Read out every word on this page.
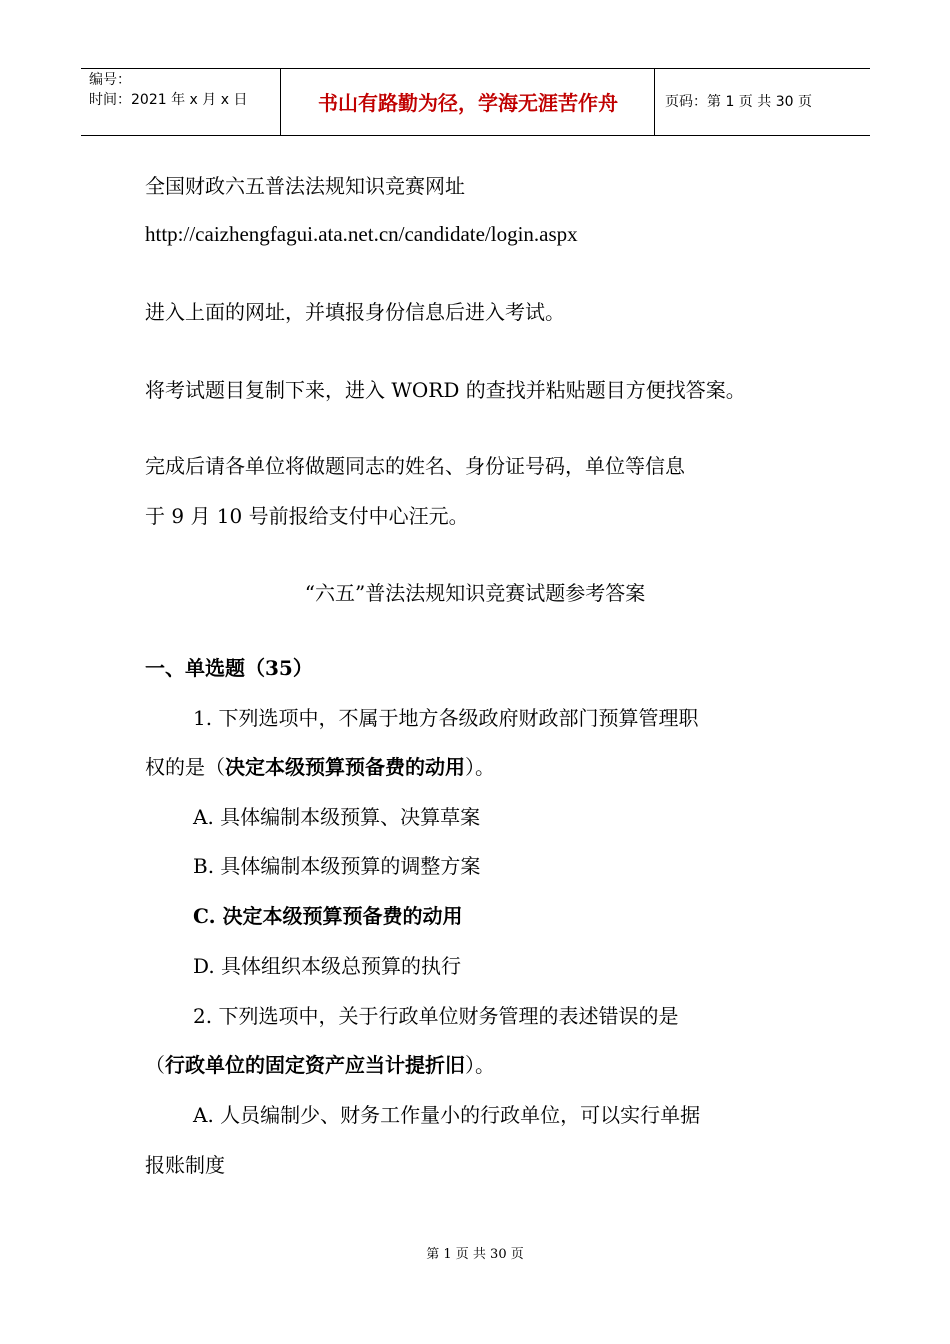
编号：
时间：2021 年 x 月 x 日	书山有路勤为径，学海无涯苦作舟	页码：第 1 页 共 30 页
全国财政六五普法法规知识竞赛网址
http://caizhengfagui.ata.net.cn/candidate/login.aspx
进入上面的网址，并填报身份信息后进入考试。
将考试题目复制下来，进入 WORD 的查找并粘贴题目方便找答案。
完成后请各单位将做题同志的姓名、身份证号码，单位等信息
于 9 月 10 号前报给支付中心汪元。
“六五”普法法规知识竞赛试题参考答案
一、单选题（35）
1. 下列选项中，不属于地方各级政府财政部门预算管理职
权的是（决定本级预算预备费的动用）。
A. 具体编制本级预算、决算草案
B. 具体编制本级预算的调整方案
C. 决定本级预算预备费的动用
D. 具体组织本级总预算的执行
2. 下列选项中，关于行政单位财务管理的表述错误的是
（行政单位的固定资产应当计提折旧）。
A. 人员编制少、财务工作量小的行政单位，可以实行单据
报账制度
第 1 页 共 30 页
